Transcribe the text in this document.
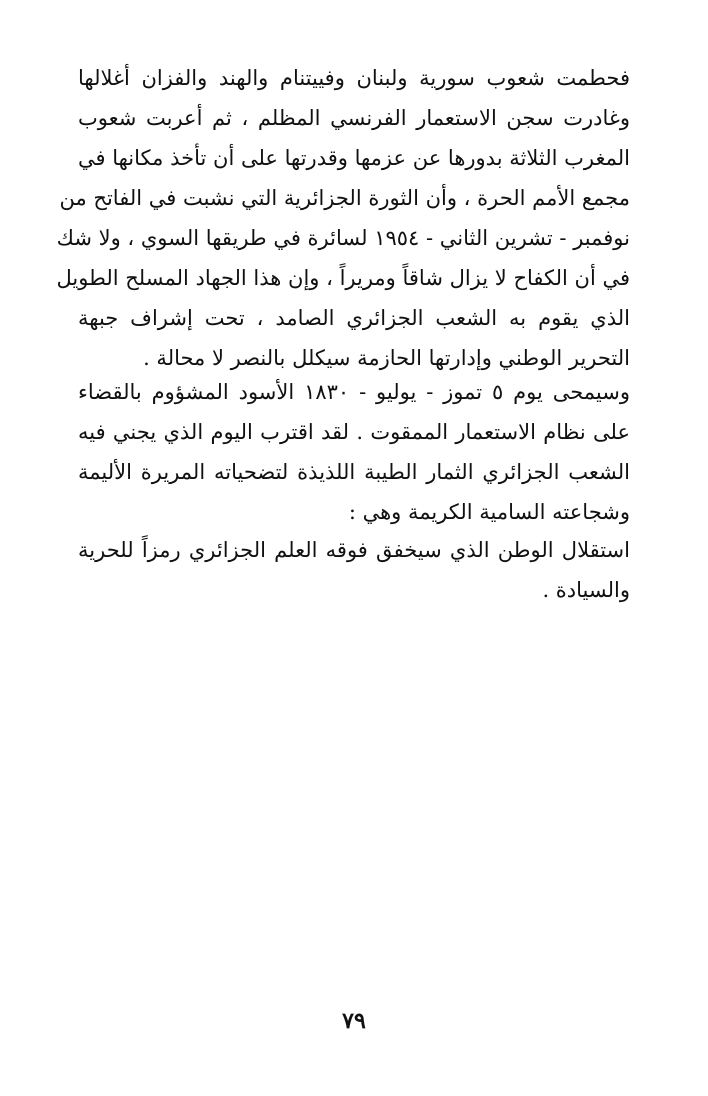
فحطمت شعوب سورية ولبنان وفييتنام والهند والفزان أغلالها
وغادرت سجن الاستعمار الفرنسي المظلم ، ثم أعربت شعوب
المغرب الثلاثة بدورها عن عزمها وقدرتها على أن تأخذ مكانها في
مجمع الأمم الحرة ، وأن الثورة الجزائرية التي نشبت في الفاتح من
نوفمبر - تشرين الثاني - ١٩٥٤ لسائرة في طريقها السوي ، ولا شك
في أن الكفاح لا يزال شاقاً ومريراً ، وإن هذا الجهاد المسلح الطويل
الذي يقوم به الشعب الجزائري الصامد ، تحت إشراف جبهة
التحرير الوطني وإدارتها الحازمة سيكلل بالنصر لا محالة .
وسيمحى يوم ٥ تموز - يوليو - ١٨٣٠ الأسود المشؤوم بالقضاء
على نظام الاستعمار الممقوت . لقد اقترب اليوم الذي يجني فيه
الشعب الجزائري الثمار الطيبة اللذيذة لتضحياته المريرة الأليمة
وشجاعته السامية الكريمة وهي :
استقلال الوطن الذي سيخفق فوقه العلم الجزائري رمزاً للحرية
والسيادة .
٧٩
